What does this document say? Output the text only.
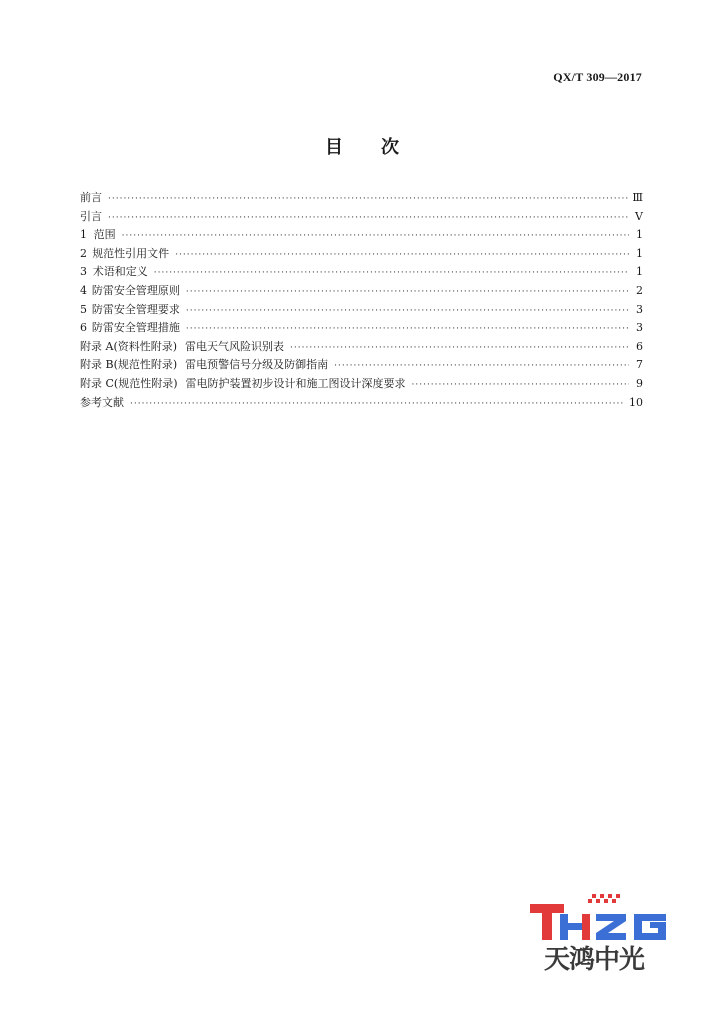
QX/T 309—2017
目 次
前言 ·····	Ⅲ
引言 ·····	Ⅴ
1 范围 ·····	1
2 规范性引用文件 ·····	1
3 术语和定义 ·····	1
4 防雷安全管理原则 ·····	2
5 防雷安全管理要求 ·····	3
6 防雷安全管理措施 ·····	3
附录 A(资料性附录) 雷电天气风险识别表 ·····	6
附录 B(规范性附录) 雷电预警信号分级及防御指南 ·····	7
附录 C(规范性附录) 雷电防护装置初步设计和施工图设计深度要求 ·····	9
参考文献 ·····	10
天鸿中光
